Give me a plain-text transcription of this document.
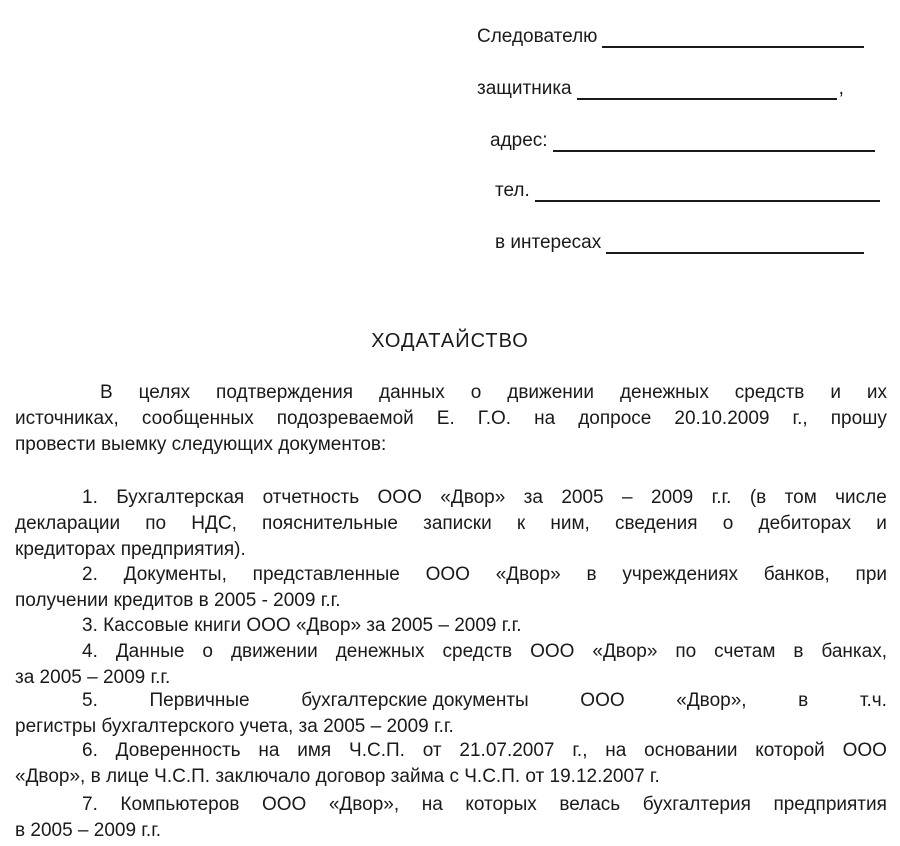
Следователю
защитника	,
адрес:
тел.
в интересах
ХОДАТАЙСТВО
В целях подтверждения данных о движении денежных средств и их
источниках, сообщенных подозреваемой Е. Г.О. на допросе 20.10.2009 г., прошу
провести выемку следующих документов:
1. Бухгалтерская отчетность ООО «Двор» за 2005 – 2009 г.г. (в том числе
декларации по НДС, пояснительные записки к ним, сведения о дебиторах и
кредиторах предприятия).
2. Документы, представленные ООО «Двор» в учреждениях банков, при
получении кредитов в 2005 - 2009 г.г.
3. Кассовые книги ООО «Двор» за 2005 – 2009 г.г.
4. Данные о движении денежных средств ООО «Двор» по счетам в банках,
за 2005 – 2009 г.г.
5.	Первичные	бухгалтерские документы	ООО	«Двор»,	в	т.ч.
регистры бухгалтерского учета, за 2005 – 2009 г.г.
6. Доверенность на имя Ч.С.П. от 21.07.2007 г., на основании которой ООО
«Двор», в лице Ч.С.П. заключало договор займа с Ч.С.П. от 19.12.2007 г.
7. Компьютеров ООО «Двор», на которых велась бухгалтерия предприятия
в 2005 – 2009 г.г.
